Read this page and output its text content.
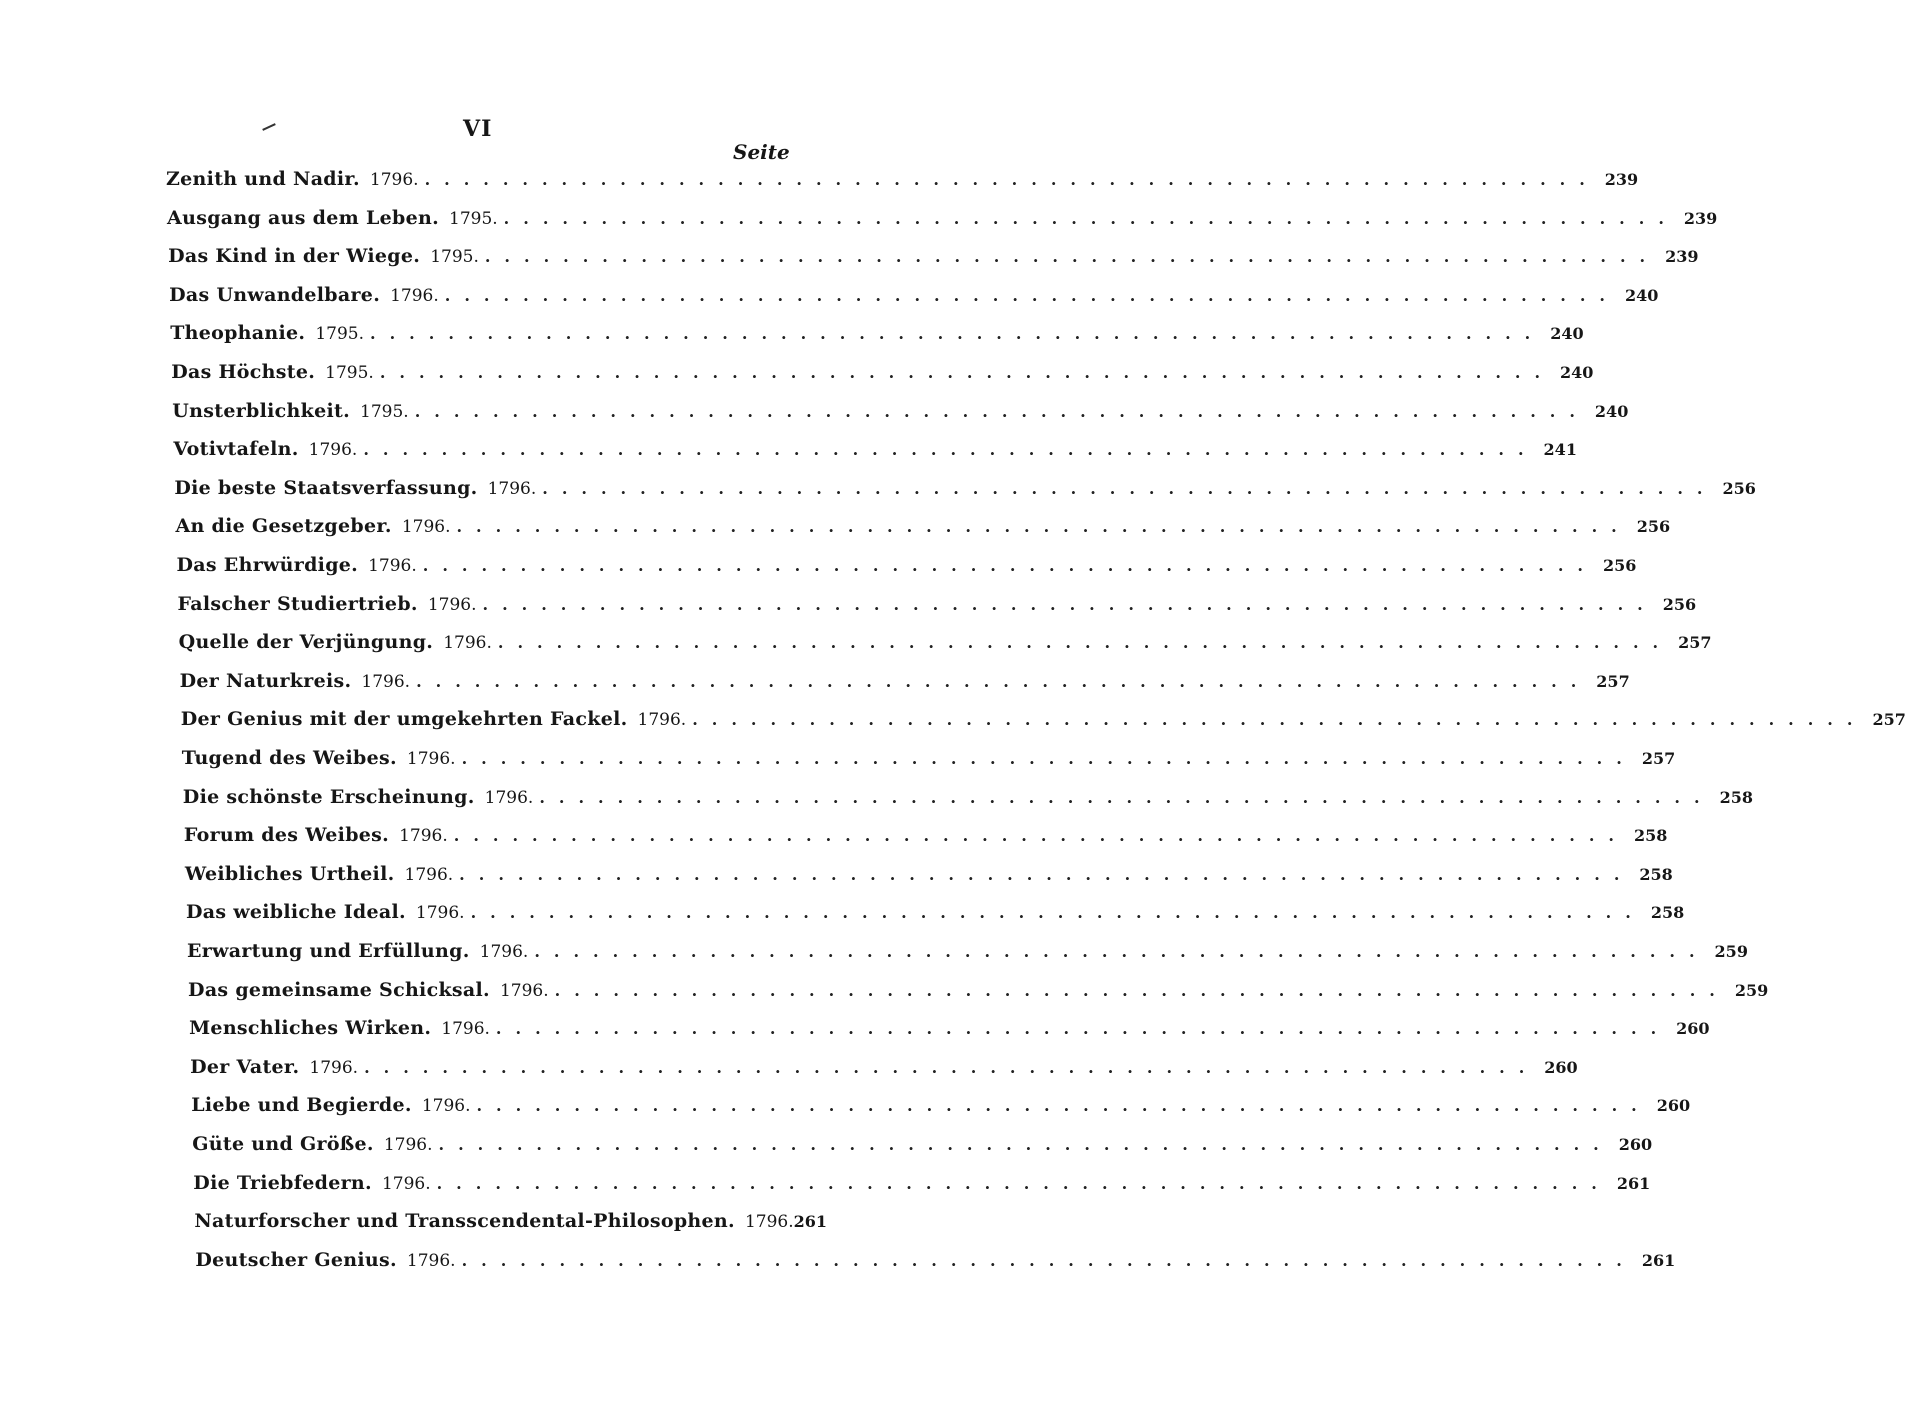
VI
Seite
Zenith und Nadir. 1796. ............................................................ 239
Ausgang aus dem Leben. 1795. ............................................................ 239
Das Kind in der Wiege. 1795. ............................................................ 239
Das Unwandelbare. 1796. ............................................................ 240
Theophanie. 1795. ............................................................ 240
Das Höchste. 1795. ............................................................ 240
Unsterblichkeit. 1795. ............................................................ 240
Votivtafeln. 1796. ............................................................ 241
Die beste Staatsverfassung. 1796. ............................................................ 256
An die Gesetzgeber. 1796. ............................................................ 256
Das Ehrwürdige. 1796. ............................................................ 256
Falscher Studiertrieb. 1796. ............................................................ 256
Quelle der Verjüngung. 1796. ............................................................ 257
Der Naturkreis. 1796. ............................................................ 257
Der Genius mit der umgekehrten Fackel. 1796. ............................................................ 257
Tugend des Weibes. 1796. ............................................................ 257
Die schönste Erscheinung. 1796. ............................................................ 258
Forum des Weibes. 1796. ............................................................ 258
Weibliches Urtheil. 1796. ............................................................ 258
Das weibliche Ideal. 1796. ............................................................ 258
Erwartung und Erfüllung. 1796. ............................................................ 259
Das gemeinsame Schicksal. 1796. ............................................................ 259
Menschliches Wirken. 1796. ............................................................ 260
Der Vater. 1796. ............................................................ 260
Liebe und Begierde. 1796. ............................................................ 260
Güte und Größe. 1796. ............................................................ 260
Die Triebfedern. 1796. ............................................................ 261
Naturforscher und Transscendental-Philosophen. 1796. 261
Deutscher Genius. 1796. ............................................................ 261
